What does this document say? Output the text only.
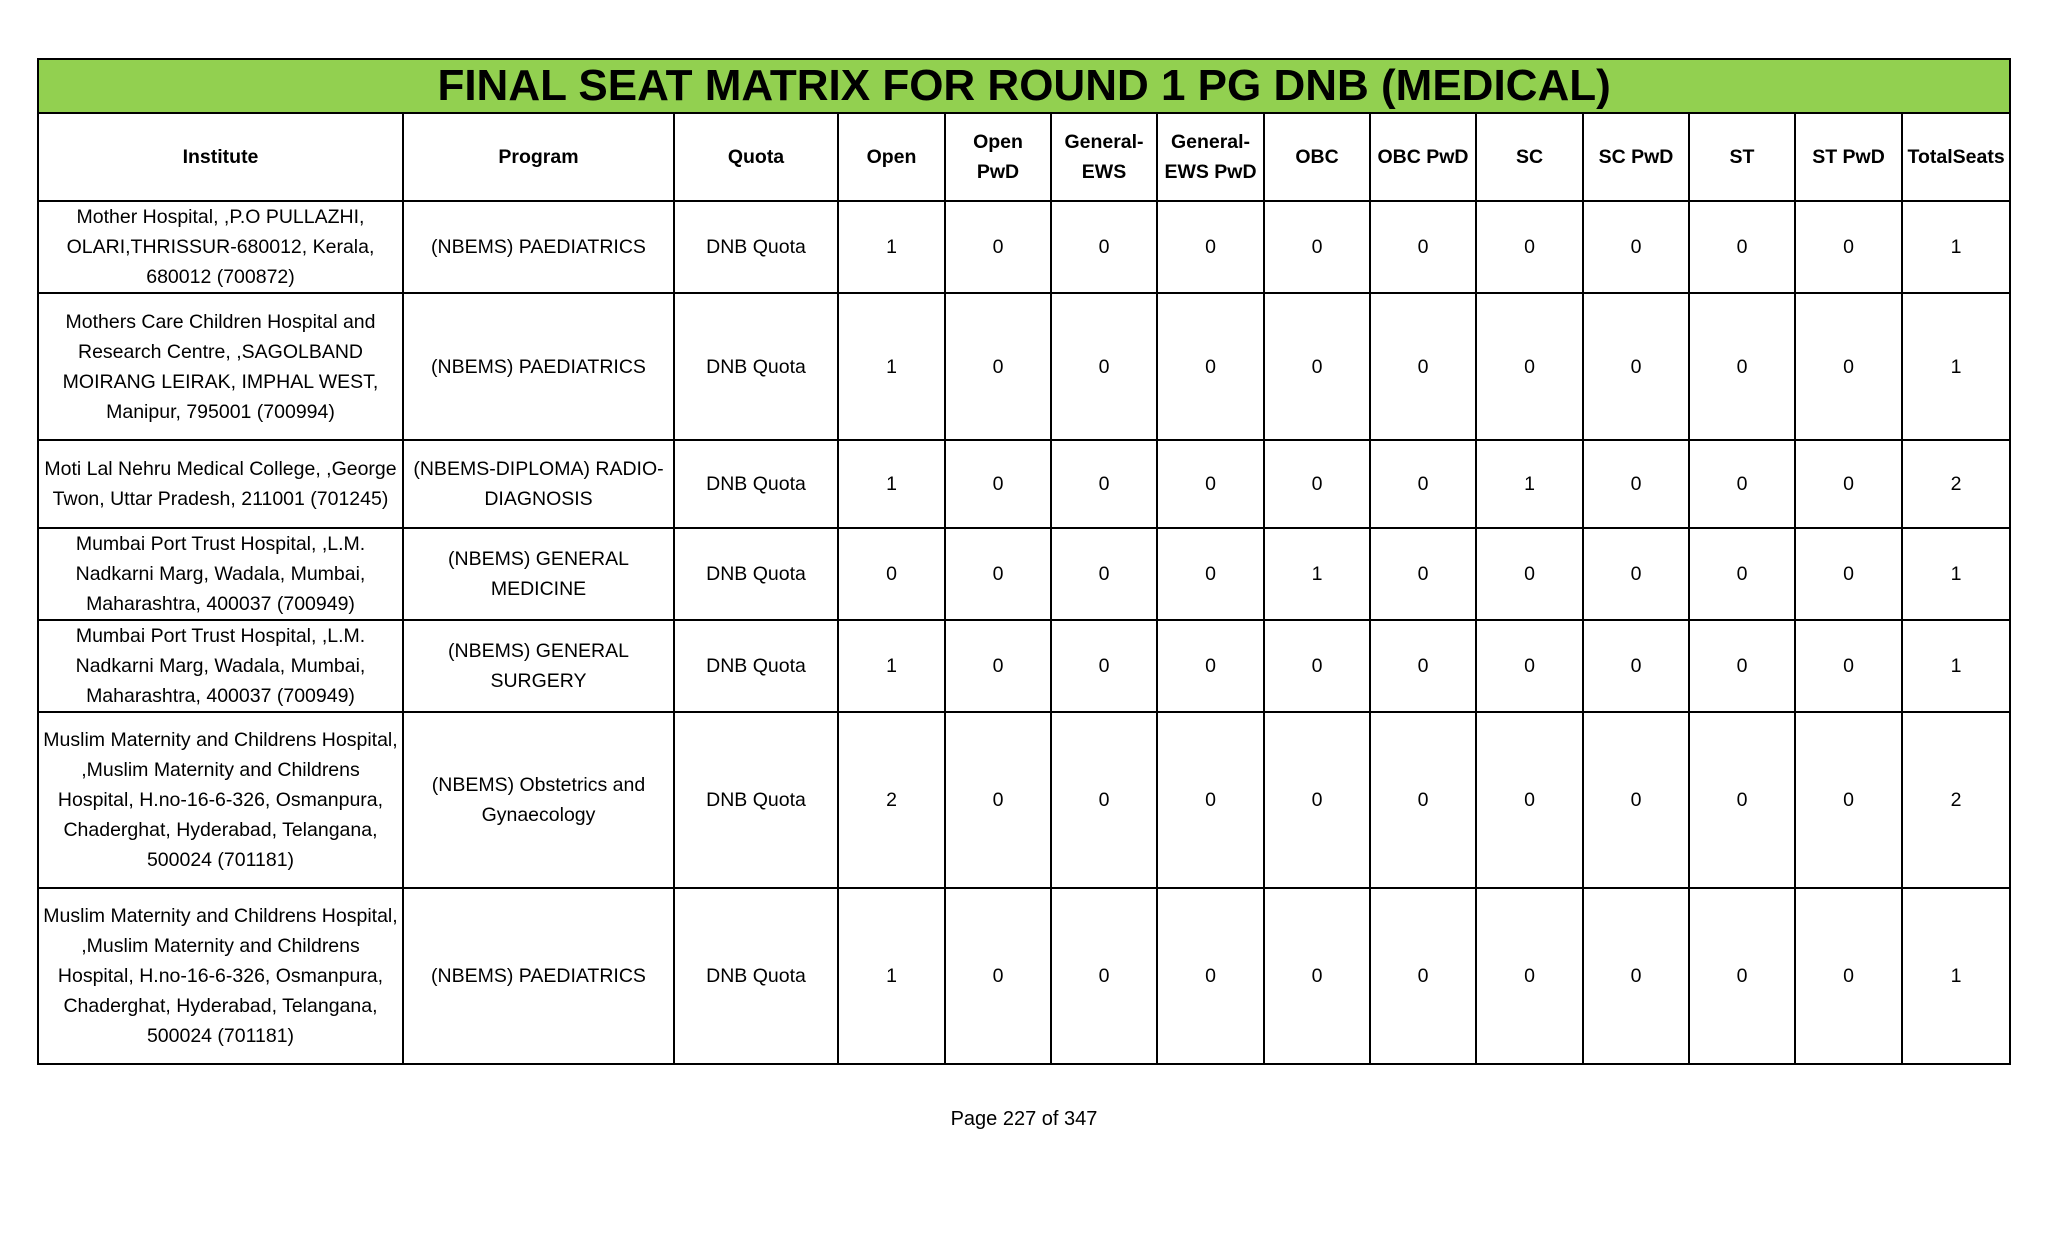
FINAL SEAT MATRIX FOR ROUND 1 PG DNB (MEDICAL)													
Institute	Program	Quota	Open	Open PwD	General-EWS	General-EWS PwD	OBC	OBC PwD	SC	SC PwD	ST	ST PwD	TotalSeats
Mother Hospital, ,P.O PULLAZHI, OLARI,THRISSUR-680012, Kerala, 680012 (700872)	(NBEMS) PAEDIATRICS	DNB Quota	1	0	0	0	0	0	0	0	0	0	1
Mothers Care Children Hospital and Research Centre, ,SAGOLBAND MOIRANG LEIRAK, IMPHAL WEST, Manipur, 795001 (700994)	(NBEMS) PAEDIATRICS	DNB Quota	1	0	0	0	0	0	0	0	0	0	1
Moti Lal Nehru Medical College, ,George Twon, Uttar Pradesh, 211001 (701245)	(NBEMS-DIPLOMA) RADIO-DIAGNOSIS	DNB Quota	1	0	0	0	0	0	1	0	0	0	2
Mumbai Port Trust Hospital, ,L.M. Nadkarni Marg, Wadala, Mumbai, Maharashtra, 400037 (700949)	(NBEMS) GENERAL MEDICINE	DNB Quota	0	0	0	0	1	0	0	0	0	0	1
Mumbai Port Trust Hospital, ,L.M. Nadkarni Marg, Wadala, Mumbai, Maharashtra, 400037 (700949)	(NBEMS) GENERAL SURGERY	DNB Quota	1	0	0	0	0	0	0	0	0	0	1
Muslim Maternity and Childrens Hospital, ,Muslim Maternity and Childrens Hospital, H.no-16-6-326, Osmanpura, Chaderghat, Hyderabad, Telangana, 500024 (701181)	(NBEMS) Obstetrics and Gynaecology	DNB Quota	2	0	0	0	0	0	0	0	0	0	2
Muslim Maternity and Childrens Hospital, ,Muslim Maternity and Childrens Hospital, H.no-16-6-326, Osmanpura, Chaderghat, Hyderabad, Telangana, 500024 (701181)	(NBEMS) PAEDIATRICS	DNB Quota	1	0	0	0	0	0	0	0	0	0	1
Page 227 of 347
